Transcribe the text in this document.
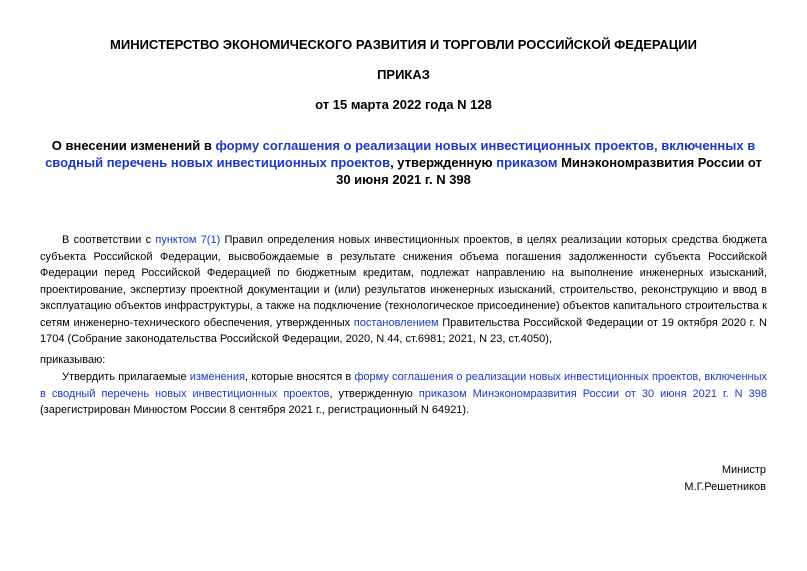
МИНИСТЕРСТВО ЭКОНОМИЧЕСКОГО РАЗВИТИЯ И ТОРГОВЛИ РОССИЙСКОЙ ФЕДЕРАЦИИ

ПРИКАЗ

от 15 марта 2022 года N 128

О внесении изменений в форму соглашения о реализации новых инвестиционных проектов, включенных в сводный перечень новых инвестиционных проектов, утвержденную приказом Минэкономразвития России от 30 июня 2021 г. N 398

В соответствии с пунктом 7(1) Правил определения новых инвестиционных проектов, в целях реализации которых средства бюджета субъекта Российской Федерации, высвобождаемые в результате снижения объема погашения задолженности субъекта Российской Федерации перед Российской Федерацией по бюджетным кредитам, подлежат направлению на выполнение инженерных изысканий, проектирование, экспертизу проектной документации и (или) результатов инженерных изысканий, строительство, реконструкцию и ввод в эксплуатацию объектов инфраструктуры, а также на подключение (технологическое присоединение) объектов капитального строительства к сетям инженерно-технического обеспечения, утвержденных постановлением Правительства Российской Федерации от 19 октября 2020 г. N 1704 (Собрание законодательства Российской Федерации, 2020, N 44, ст.6981; 2021, N 23, ст.4050),

приказываю:

Утвердить прилагаемые изменения, которые вносятся в форму соглашения о реализации новых инвестиционных проектов, включенных в сводный перечень новых инвестиционных проектов, утвержденную приказом Минэкономразвития России от 30 июня 2021 г. N 398 (зарегистрирован Минюстом России 8 сентября 2021 г., регистрационный N 64921).

Министр

М.Г.Решетников
